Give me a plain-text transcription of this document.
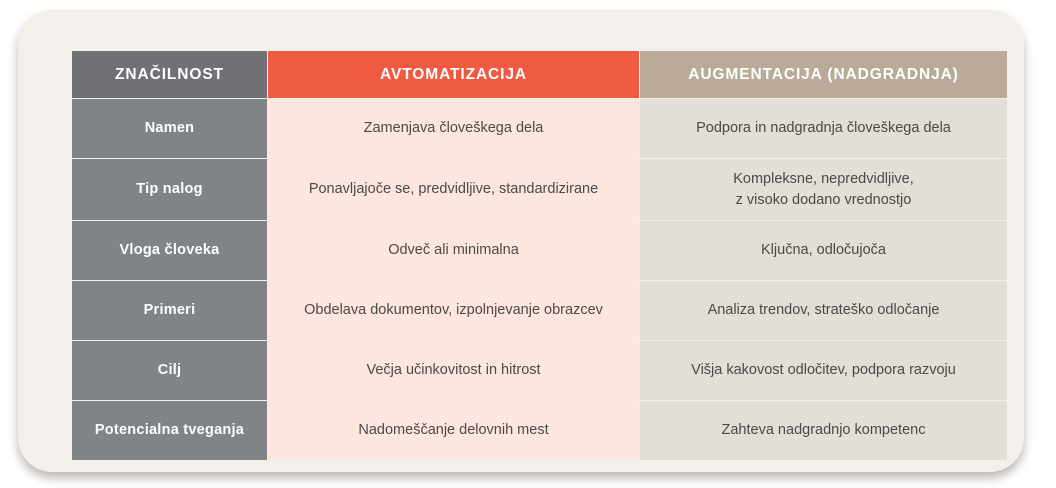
ZNAČILNOST	AVTOMATIZACIJA	AUGMENTACIJA (NADGRADNJA)
Namen	Zamenjava človeškega dela	Podpora in nadgradnja človeškega dela
Tip nalog	Ponavljajoče se, predvidljive, standardizirane	Kompleksne, nepredvidljive,
z visoko dodano vrednostjo

Vloga človeka	Odveč ali minimalna	Ključna, odločujoča
Primeri	Obdelava dokumentov, izpolnjevanje obrazcev	Analiza trendov, strateško odločanje
Cilj	Večja učinkovitost in hitrost	Višja kakovost odločitev, podpora razvoju
Potencialna tveganja	Nadomeščanje delovnih mest	Zahteva nadgradnjo kompetenc
